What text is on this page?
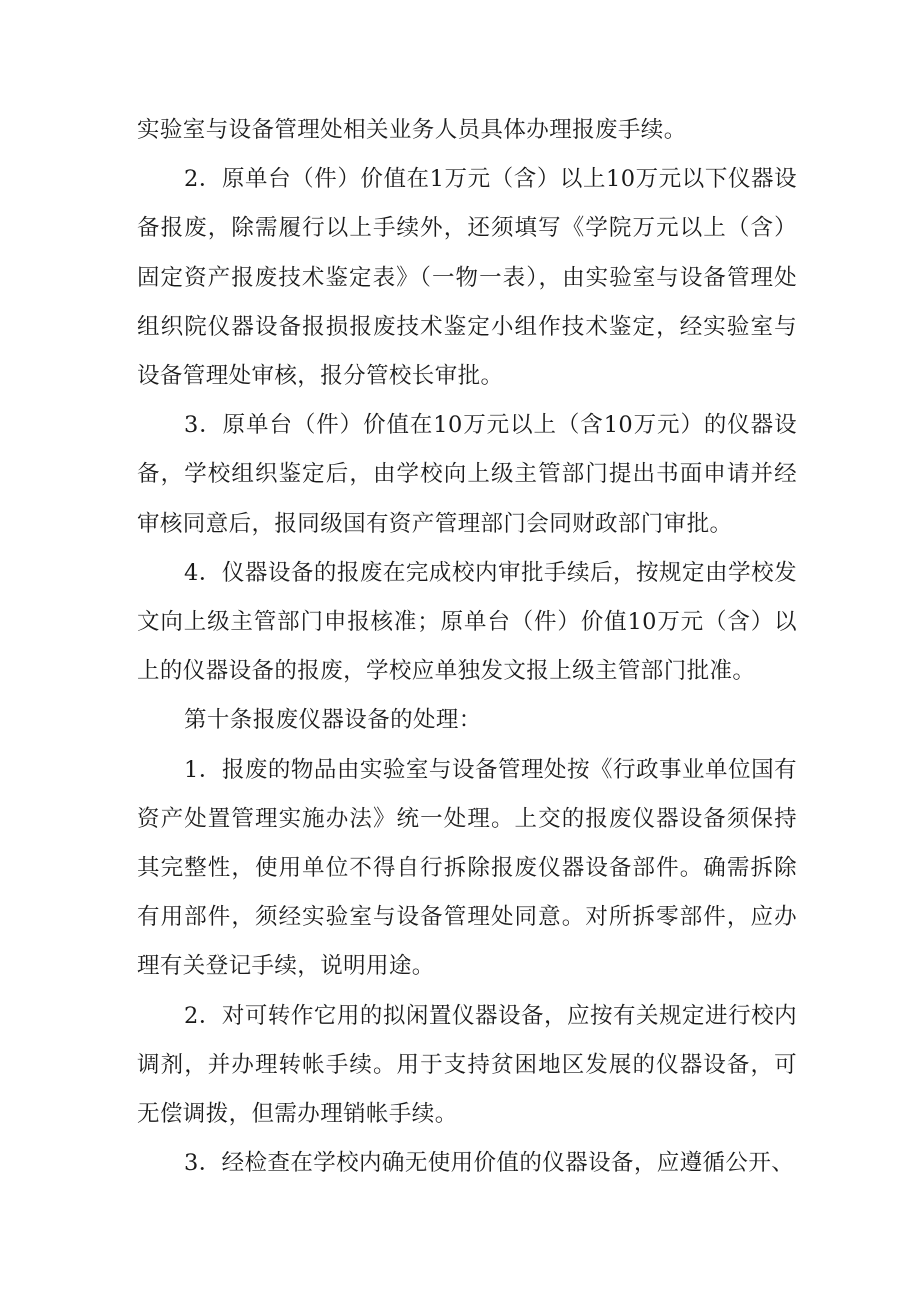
实验室与设备管理处相关业务人员具体办理报废手续。

2．原单台（件）价值在1万元（含）以上10万元以下仪器设备报废，除需履行以上手续外，还须填写《学院万元以上（含）固定资产报废技术鉴定表》（一物一表），由实验室与设备管理处组织院仪器设备报损报废技术鉴定小组作技术鉴定，经实验室与设备管理处审核，报分管校长审批。

3．原单台（件）价值在10万元以上（含10万元）的仪器设备，学校组织鉴定后，由学校向上级主管部门提出书面申请并经审核同意后，报同级国有资产管理部门会同财政部门审批。

4．仪器设备的报废在完成校内审批手续后，按规定由学校发文向上级主管部门申报核准；原单台（件）价值10万元（含）以上的仪器设备的报废，学校应单独发文报上级主管部门批准。

第十条报废仪器设备的处理：

1．报废的物品由实验室与设备管理处按《行政事业单位国有资产处置管理实施办法》统一处理。上交的报废仪器设备须保持其完整性，使用单位不得自行拆除报废仪器设备部件。确需拆除有用部件，须经实验室与设备管理处同意。对所拆零部件，应办理有关登记手续，说明用途。

2．对可转作它用的拟闲置仪器设备，应按有关规定进行校内调剂，并办理转帐手续。用于支持贫困地区发展的仪器设备，可无偿调拨，但需办理销帐手续。

3．经检查在学校内确无使用价值的仪器设备，应遵循公开、
